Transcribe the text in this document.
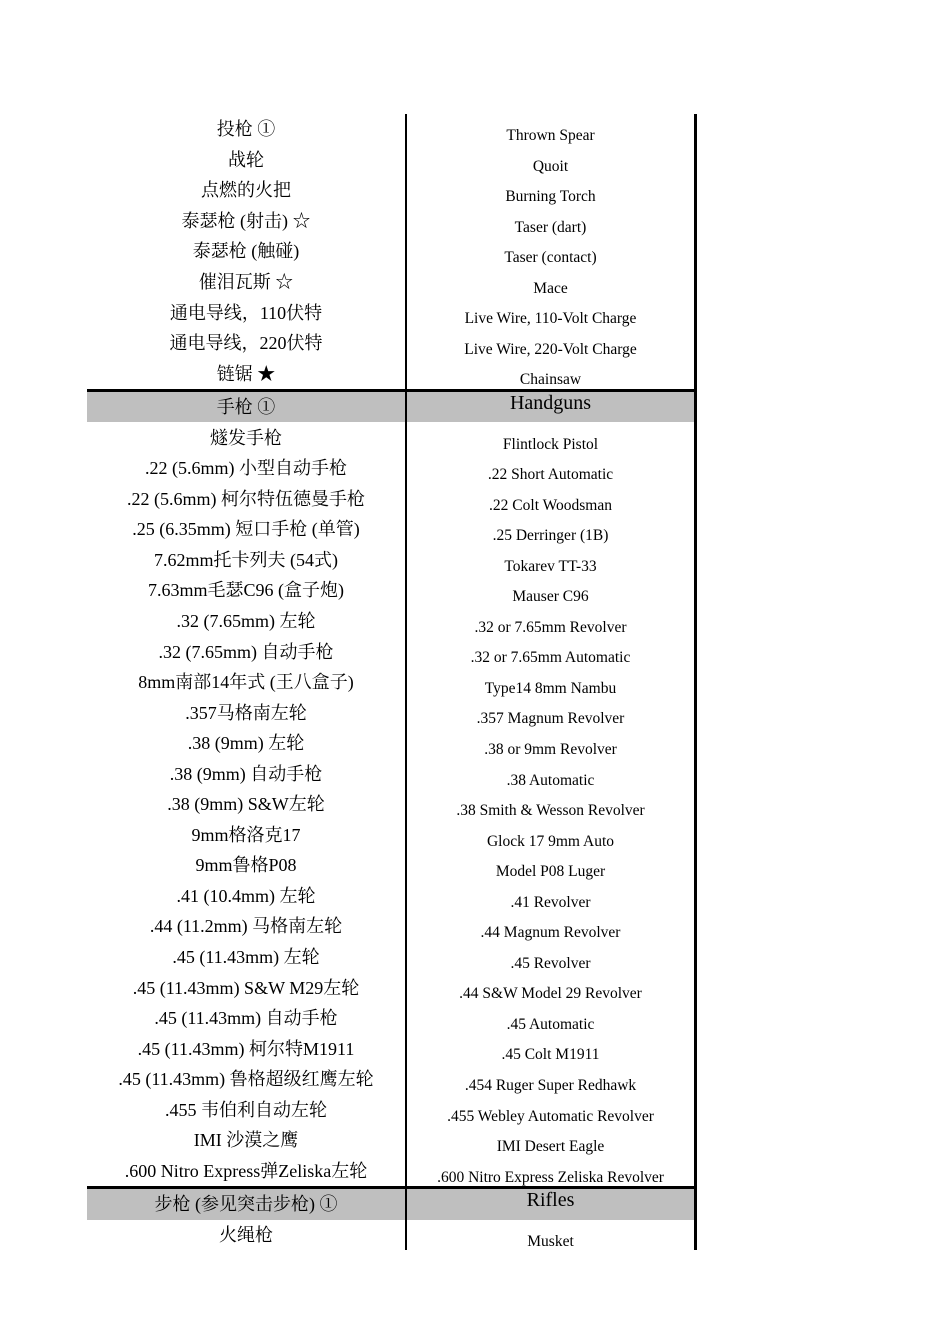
投枪 ①	Thrown Spear
战轮	Quoit
点燃的火把	Burning Torch
泰瑟枪 (射击) ☆	Taser (dart)
泰瑟枪 (触碰)	Taser (contact)
催泪瓦斯 ☆	Mace
通电导线，110伏特	Live Wire, 110-Volt Charge
通电导线，220伏特	Live Wire, 220-Volt Charge
链锯 ★	Chainsaw
手枪 ①	Handguns
燧发手枪	Flintlock Pistol
.22 (5.6mm) 小型自动手枪	.22 Short Automatic
.22 (5.6mm) 柯尔特伍德曼手枪	.22 Colt Woodsman
.25 (6.35mm) 短口手枪 (单管)	.25 Derringer (1B)
7.62mm托卡列夫 (54式)	Tokarev TT-33
7.63mm毛瑟C96 (盒子炮)	Mauser C96
.32 (7.65mm) 左轮	.32 or 7.65mm Revolver
.32 (7.65mm) 自动手枪	.32 or 7.65mm Automatic
8mm南部14年式 (王八盒子)	Type14 8mm Nambu
.357马格南左轮	.357 Magnum Revolver
.38 (9mm) 左轮	.38 or 9mm Revolver
.38 (9mm) 自动手枪	.38 Automatic
.38 (9mm) S&W左轮	.38 Smith & Wesson Revolver
9mm格洛克17	Glock 17 9mm Auto
9mm鲁格P08	Model P08 Luger
.41 (10.4mm) 左轮	.41 Revolver
.44 (11.2mm) 马格南左轮	.44 Magnum Revolver
.45 (11.43mm) 左轮	.45 Revolver
.45 (11.43mm) S&W M29左轮	.44 S&W Model 29 Revolver
.45 (11.43mm) 自动手枪	.45 Automatic
.45 (11.43mm) 柯尔特M1911	.45 Colt M1911
.45 (11.43mm) 鲁格超级红鹰左轮	.454 Ruger Super Redhawk
.455 韦伯利自动左轮	.455 Webley Automatic Revolver
IMI 沙漠之鹰	IMI Desert Eagle
.600 Nitro Express弹Zeliska左轮	.600 Nitro Express Zeliska Revolver
步枪 (参见突击步枪) ①	Rifles
火绳枪	Musket
